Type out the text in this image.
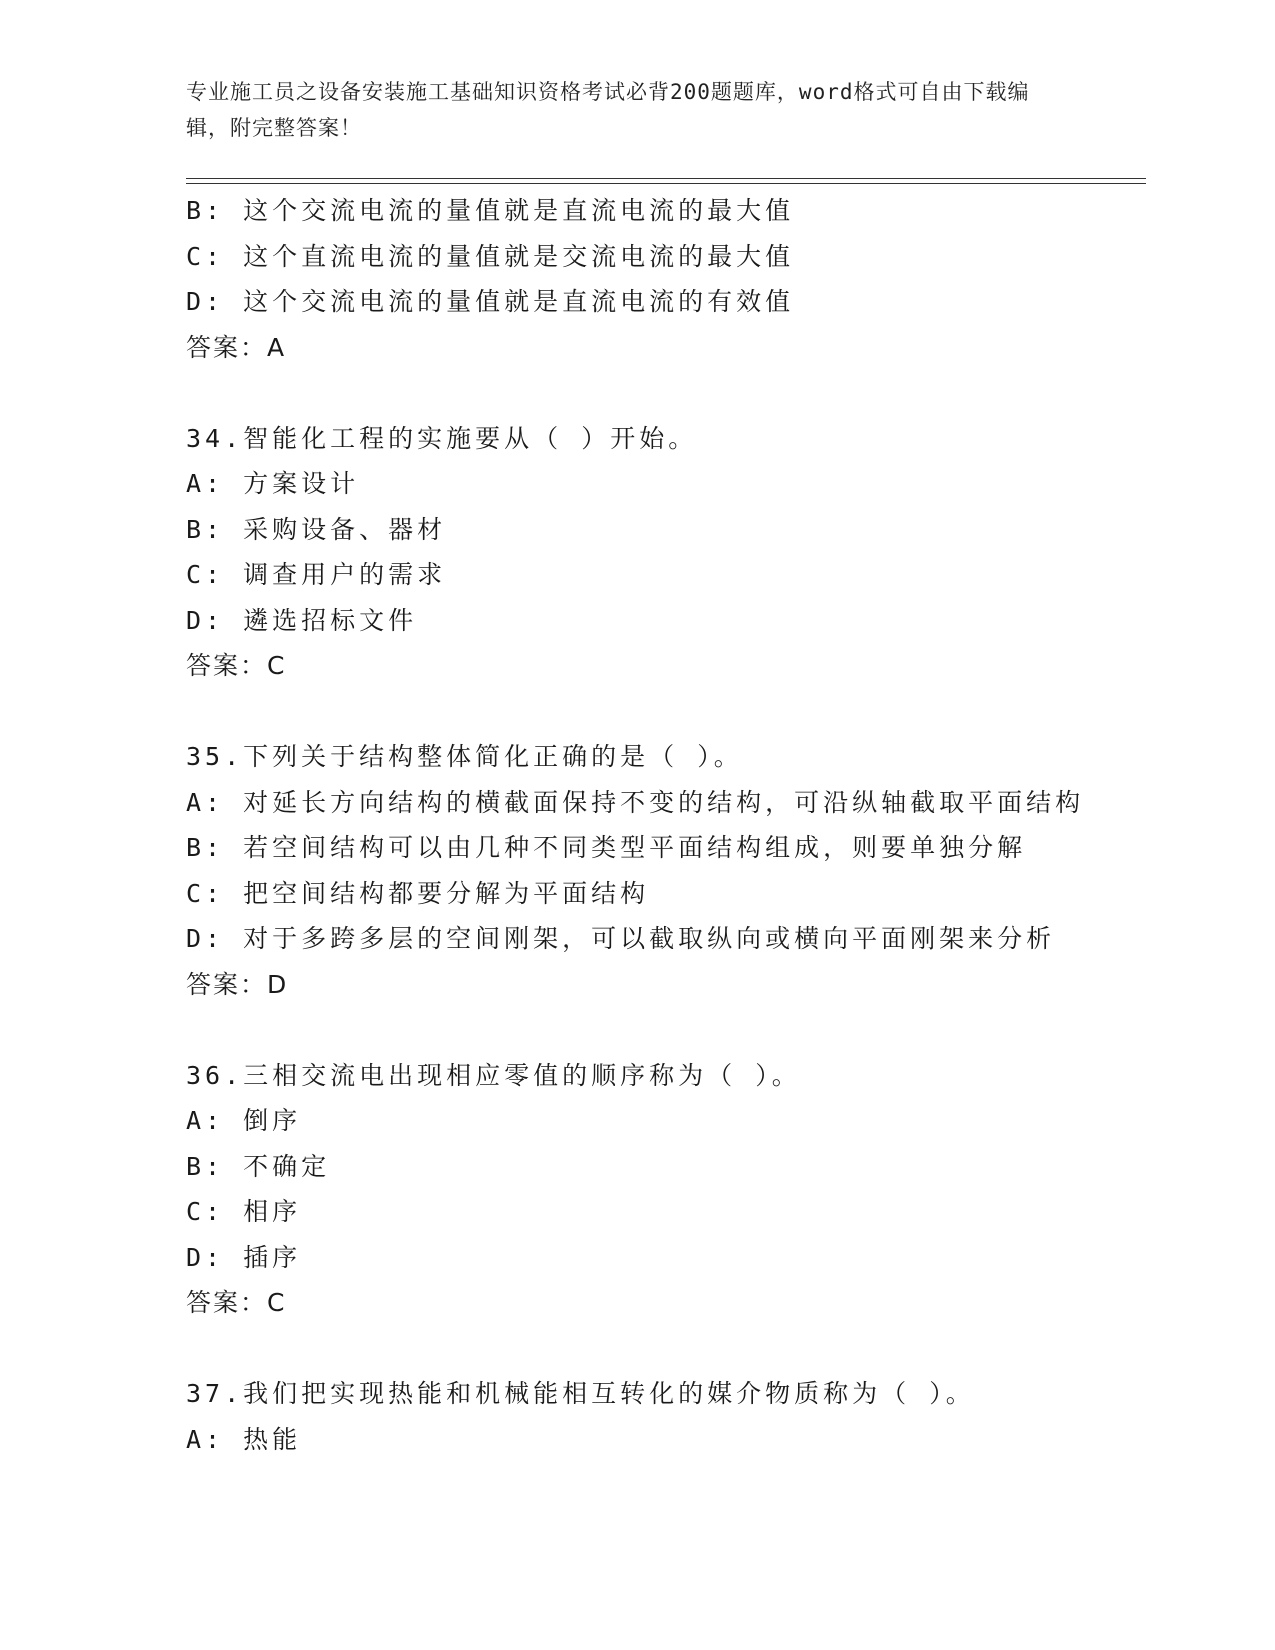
专业施工员之设备安装施工基础知识资格考试必背200题题库，word格式可自由下载编辑，附完整答案！
B: 这个交流电流的量值就是直流电流的最大值
C: 这个直流电流的量值就是交流电流的最大值
D: 这个交流电流的量值就是直流电流的有效值
答案：A
34.智能化工程的实施要从（ ）开始。
A: 方案设计
B: 采购设备、器材
C: 调查用户的需求
D: 遴选招标文件
答案：C
35.下列关于结构整体简化正确的是（ ）。
A: 对延长方向结构的横截面保持不变的结构，可沿纵轴截取平面结构
B: 若空间结构可以由几种不同类型平面结构组成，则要单独分解
C: 把空间结构都要分解为平面结构
D: 对于多跨多层的空间刚架，可以截取纵向或横向平面刚架来分析
答案：D
36.三相交流电出现相应零值的顺序称为（ ）。
A: 倒序
B: 不确定
C: 相序
D: 插序
答案：C
37.我们把实现热能和机械能相互转化的媒介物质称为（ ）。
A: 热能
